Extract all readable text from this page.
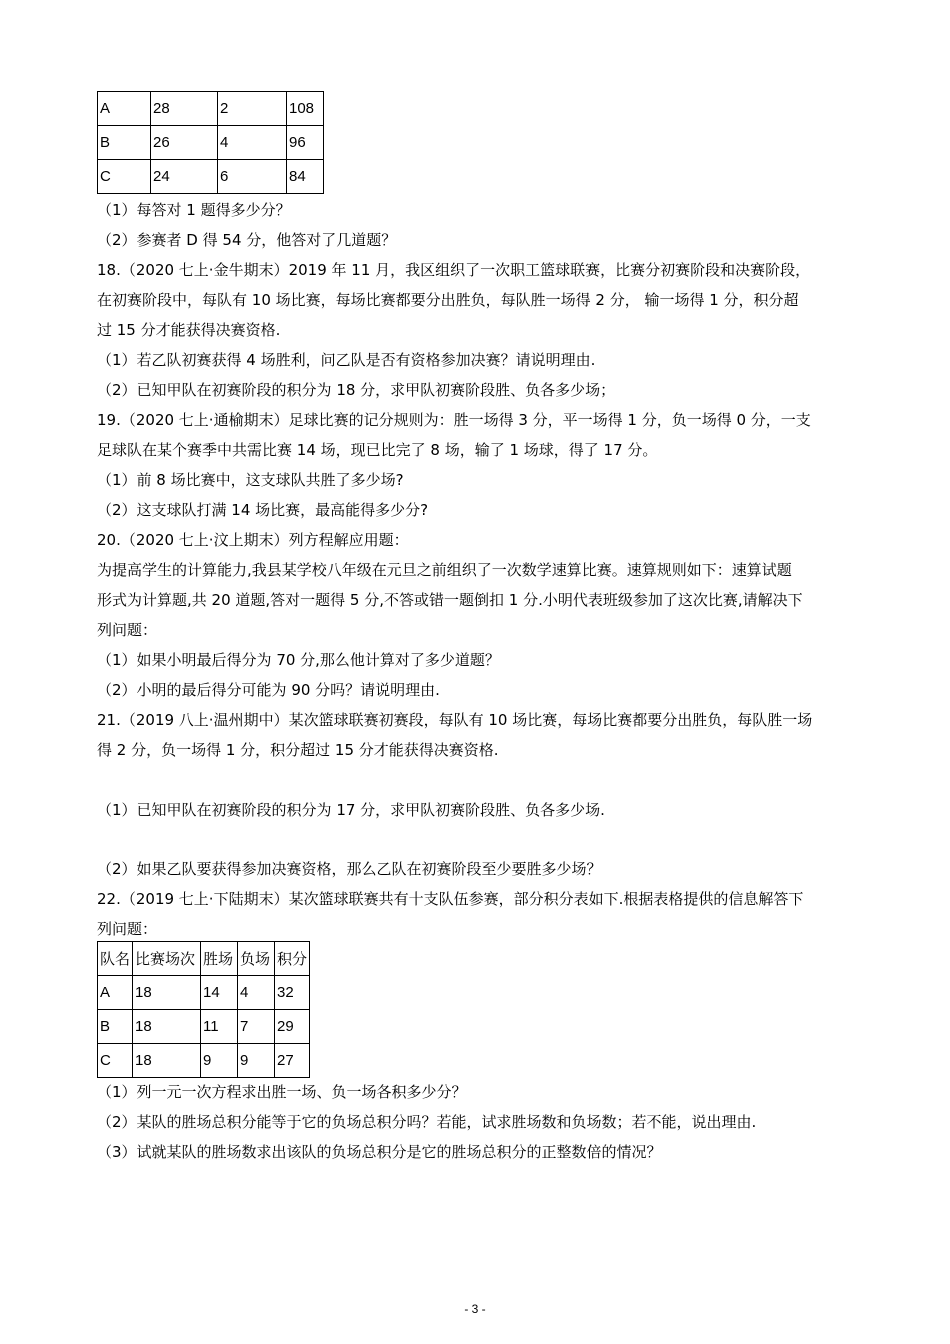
A	28	2	108
B	26	4	96
C	24	6	84
（1）每答对 1 题得多少分？
（2）参赛者 D 得 54 分，他答对了几道题？
18.（2020 七上·金牛期末）2019 年 11 月，我区组织了一次职工篮球联赛，比赛分初赛阶段和决赛阶段，
在初赛阶段中，每队有 10 场比赛，每场比赛都要分出胜负，每队胜一场得 2 分， 输一场得 1 分，积分超
过 15 分才能获得决赛资格.
（1）若乙队初赛获得 4 场胜利，问乙队是否有资格参加决赛？请说明理由.
（2）已知甲队在初赛阶段的积分为 18 分，求甲队初赛阶段胜、负各多少场；
19.（2020 七上·通榆期末）足球比赛的记分规则为：胜一场得 3 分，平一场得 1 分，负一场得 0 分，一支
足球队在某个赛季中共需比赛 14 场，现已比完了 8 场，输了 1 场球，得了 17 分。
（1）前 8 场比赛中，这支球队共胜了多少场?
（2）这支球队打满 14 场比赛，最高能得多少分?
20.（2020 七上·汶上期末）列方程解应用题：
为提高学生的计算能力,我县某学校八年级在元旦之前组织了一次数学速算比赛。速算规则如下：速算试题
形式为计算题,共 20 道题,答对一题得 5 分,不答或错一题倒扣 1 分.小明代表班级参加了这次比赛,请解决下
列问题：
（1）如果小明最后得分为 70 分,那么他计算对了多少道题？
（2）小明的最后得分可能为 90 分吗？请说明理由.
21.（2019 八上·温州期中）某次篮球联赛初赛段，每队有 10 场比赛，每场比赛都要分出胜负，每队胜一场
得 2 分，负一场得 1 分，积分超过 15 分才能获得决赛资格.
（1）已知甲队在初赛阶段的积分为 17 分，求甲队初赛阶段胜、负各多少场.
（2）如果乙队要获得参加决赛资格，那么乙队在初赛阶段至少要胜多少场？
22.（2019 七上·下陆期末）某次篮球联赛共有十支队伍参赛，部分积分表如下.根据表格提供的信息解答下
列问题：
队名	比赛场次	胜场	负场	积分
A	18	14	4	32
B	18	11	7	29
C	18	9	9	27
（1）列一元一次方程求出胜一场、负一场各积多少分？
（2）某队的胜场总积分能等于它的负场总积分吗？若能，试求胜场数和负场数；若不能，说出理由.
（3）试就某队的胜场数求出该队的负场总积分是它的胜场总积分的正整数倍的情况？
- 3 -
